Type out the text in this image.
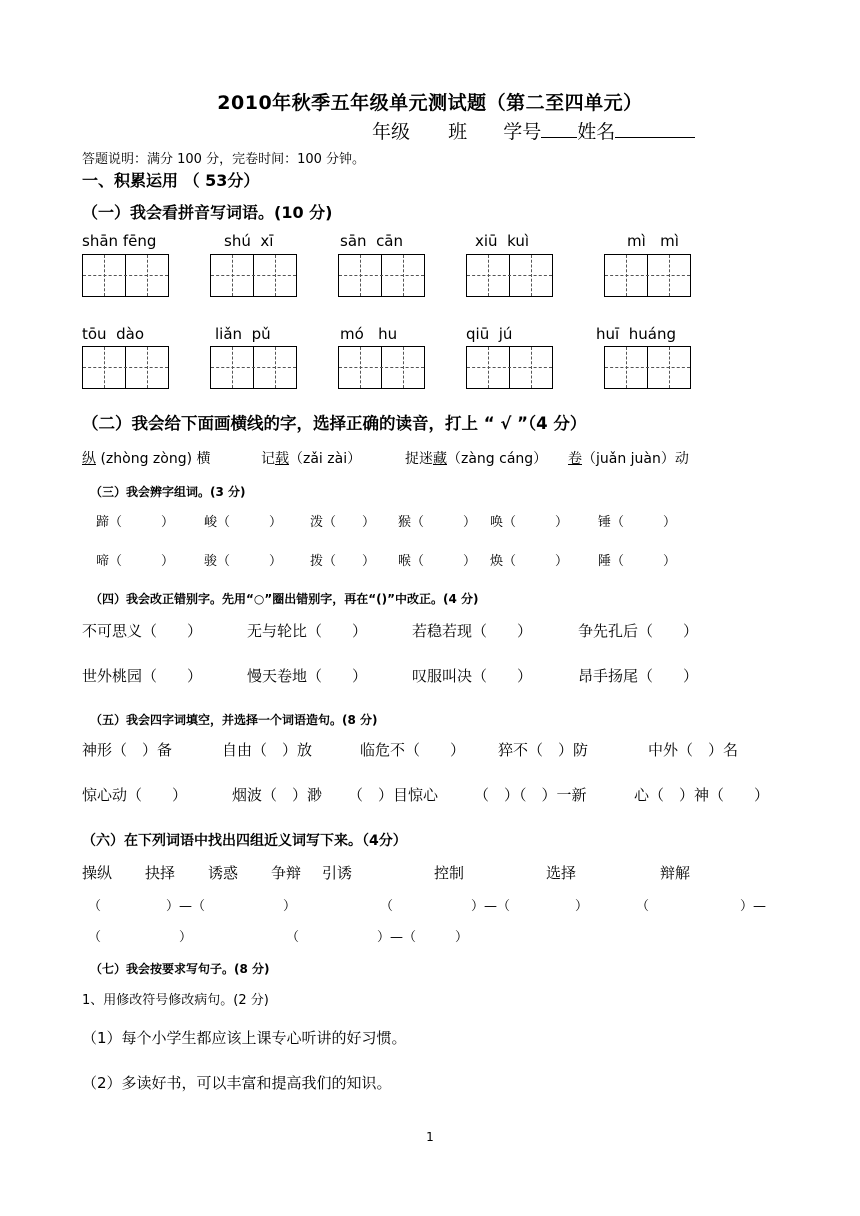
2010年秋季五年级单元测试题（第二至四单元）
年级 班 学号 姓名
答题说明：满分 100 分，完卷时间：100 分钟。
一、积累运用 （ 53分）
（一）我会看拼音写词语。(10 分)
shān fēng	shú xī	sān cān	xiū kuì	mì mì
tōu dào	liǎn pǔ	mó hu	qiū jú	huī huáng
（二）我会给下面画横线的字，选择正确的读音，打上 “ √ ”（4 分）
纵 (zhòng zòng) 横	记载（zǎi zài）	捉迷藏（zàng cáng） 卷（juǎn juàn）动
（三）我会辨字组词。(3 分)
蹄（　　　） 峻（　　　） 泼（　　） 猴（　　　） 唤（　　　） 锤（　　　）
啼（　　　） 骏（　　　） 拨（　　） 喉（　　　） 焕（　　　） 陲（　　　）
（四）我会改正错别字。先用“○”圈出错别字，再在“()”中改正。(4 分)
不可思义（　　）	无与轮比（　　）	若稳若现（　　）	争先孔后（　　）
世外桃园（　　）	慢天卷地（　　）	叹服叫决（　　）	昂手扬尾（　　）
（五）我会四字词填空，并选择一个词语造句。(8 分)
神形（　）备	自由（　）放	临危不（　　） 猝不（　）防	中外（　）名
惊心动（　　）	烟波（　）渺 （　）目惊心 （　）（　）一新	心（　）神（　　）
（六）在下列词语中找出四组近义词写下来。（4分）
操纵 抉择 诱惑 争辩 引诱	控制	选择	辩解
（　　　　　）—（　　　　　　）	（　　　　　　）—（　　　　　）	（　　　　　　　）—
（　　　　　　）	（　　　　　　）—（　　　）
（七）我会按要求写句子。(8 分)
1、用修改符号修改病句。(2 分)
（1）每个小学生都应该上课专心听讲的好习惯。
（2）多读好书，可以丰富和提高我们的知识。
1
